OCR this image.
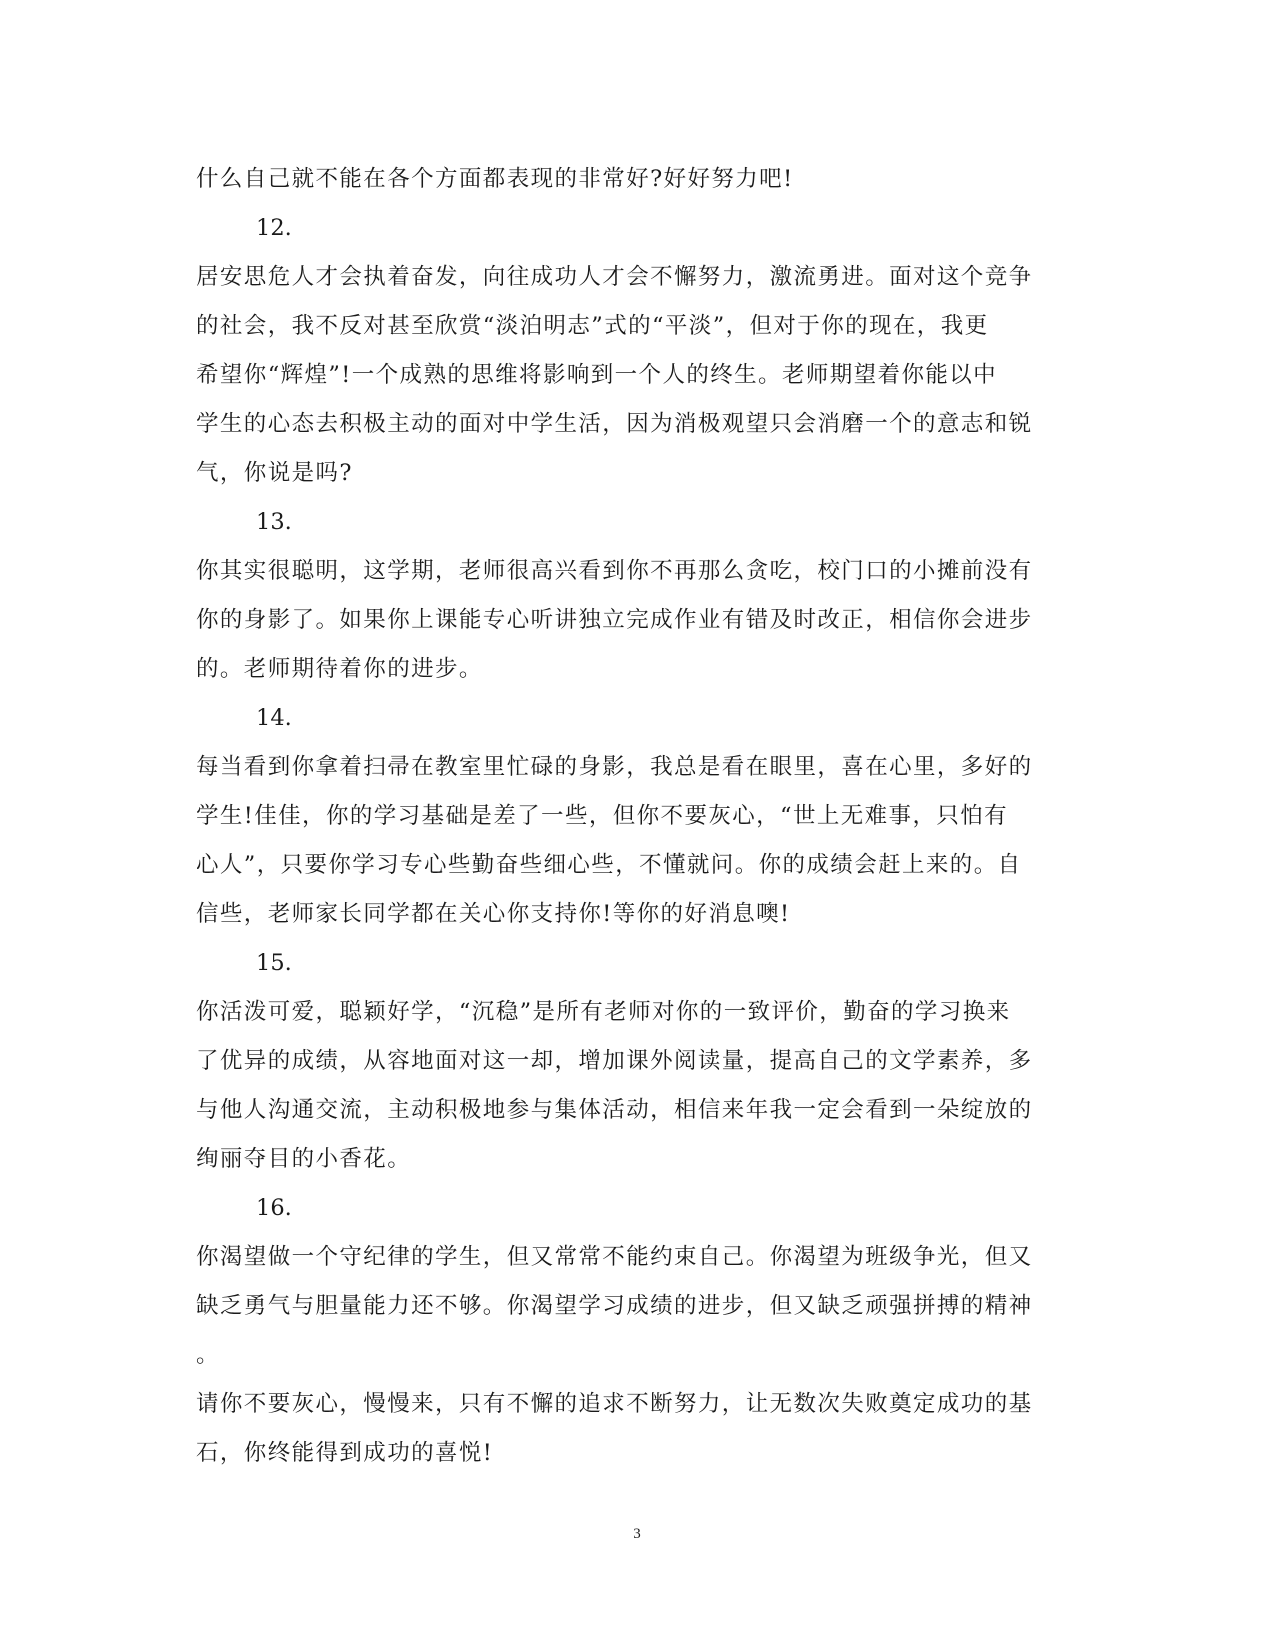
什么自己就不能在各个方面都表现的非常好?好好努力吧!
12.
居安思危人才会执着奋发，向往成功人才会不懈努力，激流勇进。面对这个竞争
的社会，我不反对甚至欣赏“淡泊明志”式的“平淡”，但对于你的现在，我更
希望你“辉煌”!一个成熟的思维将影响到一个人的终生。老师期望着你能以中
学生的心态去积极主动的面对中学生活，因为消极观望只会消磨一个的意志和锐
气，你说是吗?
13.
你其实很聪明，这学期，老师很高兴看到你不再那么贪吃，校门口的小摊前没有
你的身影了。如果你上课能专心听讲独立完成作业有错及时改正，相信你会进步
的。老师期待着你的进步。
14.
每当看到你拿着扫帚在教室里忙碌的身影，我总是看在眼里，喜在心里，多好的
学生!佳佳，你的学习基础是差了一些，但你不要灰心，“世上无难事，只怕有
心人”，只要你学习专心些勤奋些细心些，不懂就问。你的成绩会赶上来的。自
信些，老师家长同学都在关心你支持你!等你的好消息噢!
15.
你活泼可爱，聪颖好学，“沉稳”是所有老师对你的一致评价，勤奋的学习换来
了优异的成绩，从容地面对这一却，增加课外阅读量，提高自己的文学素养，多
与他人沟通交流，主动积极地参与集体活动，相信来年我一定会看到一朵绽放的
绚丽夺目的小香花。
16.
你渴望做一个守纪律的学生，但又常常不能约束自己。你渴望为班级争光，但又
缺乏勇气与胆量能力还不够。你渴望学习成绩的进步，但又缺乏顽强拼搏的精神
。
请你不要灰心，慢慢来，只有不懈的追求不断努力，让无数次失败奠定成功的基
石，你终能得到成功的喜悦!
3
